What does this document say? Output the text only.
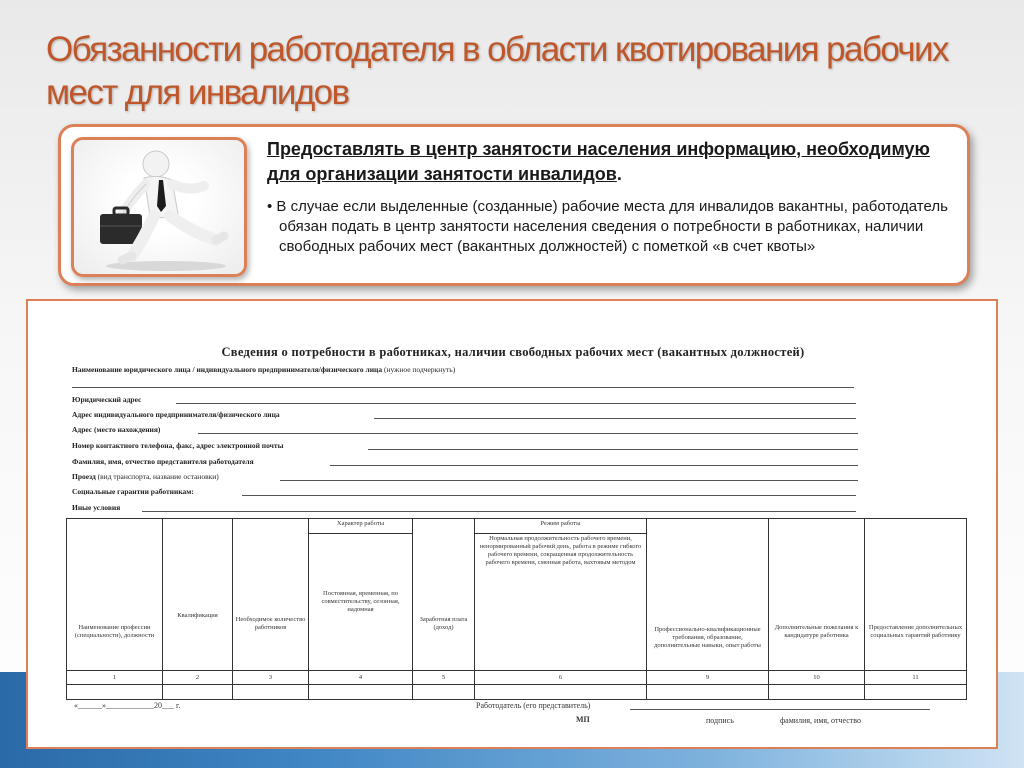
Обязанности работодателя в области квотирования рабочих мест для инвалидов

Предоставлять в центр занятости населения информацию, необходимую для организации занятости инвалидов.

• В случае если выделенные (созданные) рабочие места для инвалидов вакантны, работодатель обязан подать в центр занятости населения сведения о потребности в работниках, наличии свободных рабочих мест (вакантных должностей) с пометкой «в счет квоты»

Сведения о потребности в работниках, наличии свободных рабочих мест (вакантных должностей)
Наименование юридического лица / индивидуального предпринимателя/физического лица (нужное подчеркнуть)
Юридический адрес
Адрес индивидуального предпринимателя/физического лица
Адрес (место нахождения)
Номер контактного телефона, факс, адрес электронной почты
Фамилия, имя, отчество представителя работодателя
Проезд (вид транспорта, название остановки)
Социальные гарантии работникам:
Иные условия
Наименование профессии (специальности), должности	Квалификация	Необходимое количество работников	Характер работы	Заработная плата (доход)	Режим работы	Профессионально-квалификационные требования, образование, дополнительные навыки, опыт работы	Дополнительные пожелания к кандидатуре работника	Предоставление дополнительных социальных гарантий работнику
			Постоянная, временная, по совместительству, сезонная, надомная		Нормальная продолжительность рабочего времени, ненормированный рабочий день, работа в режиме гибкого рабочего времени, сокращенная продолжительность рабочего времени, сменная работа, вахтовым методом			
1	2	3	4	5	6	9	10	11

«______»____________20___ г.	Работодатель (его представитель)
МП	подпись	фамилия, имя, отчество
